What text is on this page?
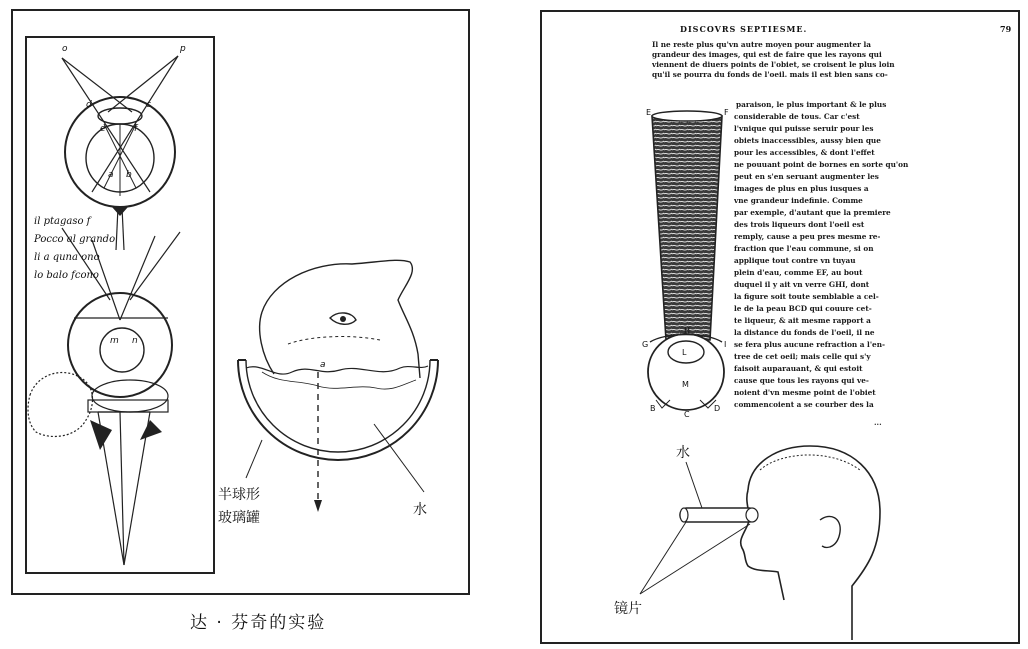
e	f
a b
c
d
m n
o	p
il ptagaso f
Pocco al grando
li a quna ono
lo balo fcono
a
半球形
玻璃罐	水
达 · 芬奇的实验
DISCOVRS SEPTIESME.	79
Il ne reste plus qu'vn autre moyen pour augmenter la
grandeur des images, qui est de faire que les rayons qui
viennent de diuers points de l'obiet, se croisent le plus loin
qu'il se pourra du fonds de l'oeil. mais il est bien sans co-
paraison, le plus important & le plus
considerable de tous. Car c'est
l'vnique qui puisse seruir pour les
obiets inaccessibles, aussy bien que
pour les accessibles, & dont l'effet
ne pouuant point de bornes en sorte qu'on
peut en s'en seruant augmenter les
images de plus en plus iusques a
vne grandeur indefinie. Comme
par exemple, d'autant que la premiere
des trois liqueurs dont l'oeil est
remply, cause a peu pres mesme re-
fraction que l'eau commune, si on
applique tout contre vn tuyau
plein d'eau, comme EF, au bout
duquel il y ait vn verre GHI, dont
la figure soit toute semblable a cel-
le de la peau BCD qui couure cet-
te liqueur, & ait mesme rapport a
la distance du fonds de l'oeil, il ne
se fera plus aucune refraction a l'en-
tree de cet oeil; mais celle qui s'y
faisoit auparauant, & qui estoit
cause que tous les rayons qui ve-
noient d'vn mesme point de l'obiet
commencoient a se courber des la
...
E	F
G
H
I
L
M
B
C
D
水
镜片
